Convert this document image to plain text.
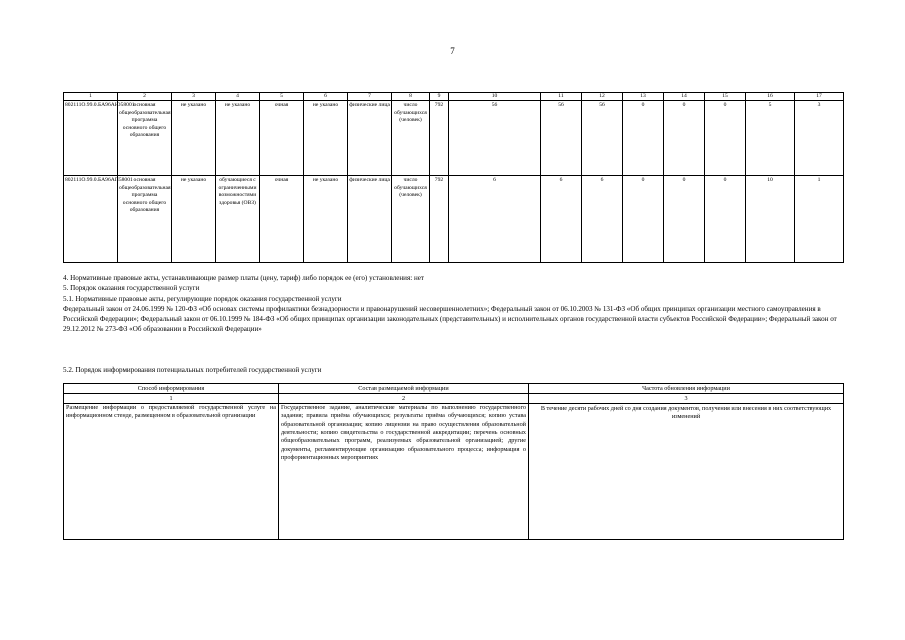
7
1	2	3	4	5	6	7	8	9	10	11	12	13	14	15	16	17
802111О.99.0.БА96АЮ58001	основная общеобразовательная программа основного общего образования	не указано	не указано	очная	не указано	физические лица	число обучающихся (человек)	792	56	56	56	0	0	0	5	3
802111О.99.0.БА96АП58001	основная общеобразовательная программа основного общего образования	не указано	обучающиеся с ограниченными возможностями здоровья (ОВЗ)	очная	не указано	физические лица	число обучающихся (человек)	792	6	6	6	0	0	0	10	1

4. Нормативные правовые акты, устанавливающие размер платы (цену, тариф) либо порядок ее (его) установления: нет

5. Порядок оказания государственной услуги

5.1. Нормативные правовые акты, регулирующие порядок оказания государственной услуги

Федеральный закон от 24.06.1999 № 120-ФЗ «Об основах системы профилактики безнадзорности и правонарушений несовершеннолетних»; Федеральный закон от 06.10.2003 № 131-ФЗ «Об общих принципах организации местного самоуправления в Российской Федерации»; Федеральный закон от 06.10.1999 № 184-ФЗ «Об общих принципах организации законодательных (представительных) и исполнительных органов государственной власти субъектов Российской Федерации»; Федеральный закон от 29.12.2012 № 273-ФЗ «Об образовании в Российской Федерации»

5.2. Порядок информирования потенциальных потребителей государственной услуги
Способ информирования	Состав размещаемой информации	Частота обновления информации
1	2	3
Размещение информации о предоставляемой государственной услуге на информационном стенде, размещенном в образовательной организации	Государственное задание, аналитические материалы по выполнению государственного задания; правила приёма обучающихся; результаты приёма обучающихся; копию устава образовательной организации; копию лицензии на право осуществления образовательной деятельности; копию свидетельства о государственной аккредитации; перечень основных общеобразовательных программ, реализуемых образовательной организацией; другие документы, регламентирующие организацию образовательного процесса; информация о профориентационных мероприятиях	В течение десяти рабочих дней со дня создания документов, получения или внесения в них соответствующих изменений
